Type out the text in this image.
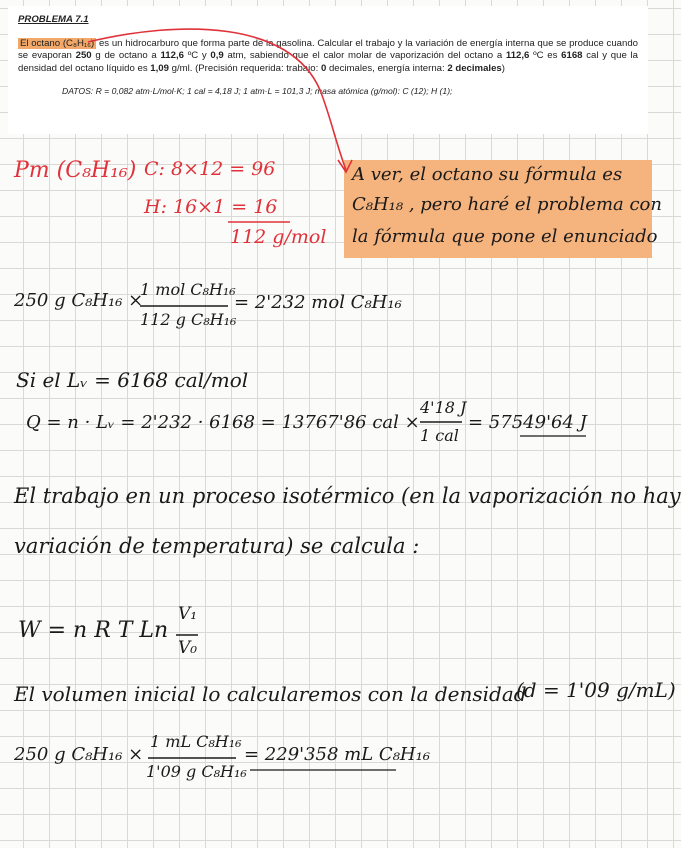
PROBLEMA 7.1
El octano (C₈H₁₆) es un hidrocarburo que forma parte de la gasolina. Calcular el trabajo y la variación de energía interna que se produce cuando se evaporan 250 g de octano a 112,6 ºC y 0,9 atm, sabiendo que el calor molar de vaporización del octano a 112,6 ºC es 6168 cal y que la densidad del octano líquido es 1,09 g/ml. (Precisión requerida: trabajo: 0 decimales, energía interna: 2 decimales)
DATOS: R = 0,082 atm·L/mol·K; 1 cal = 4,18 J; 1 atm·L = 101,3 J; masa atómica (g/mol): C (12); H (1);
A ver, el octano su fórmula es
C₈H₁₈ , pero haré el problema con
la fórmula que pone el enunciado
Pm (C₈H₁₆) C: 8×12 = 96
H: 16×1 = 16
112 g/mol
250 g C₈H₁₆ ×
1 mol C₈H₁₆
112 g C₈H₁₆
= 2'232 mol C₈H₁₆
Si el Lᵥ = 6168 cal/mol
Q = n · Lᵥ = 2'232 · 6168 = 13767'86 cal ×
4'18 J
1 cal
= 57549'64 J
El trabajo en un proceso isotérmico (en la vaporización no hay
variación de temperatura) se calcula :
W = n R T Ln
V₁
V₀
El volumen inicial lo calcularemos con la densidad
(d = 1'09 g/mL)
250 g C₈H₁₆ ×
1 mL C₈H₁₆
1'09 g C₈H₁₆
= 229'358 mL C₈H₁₆
